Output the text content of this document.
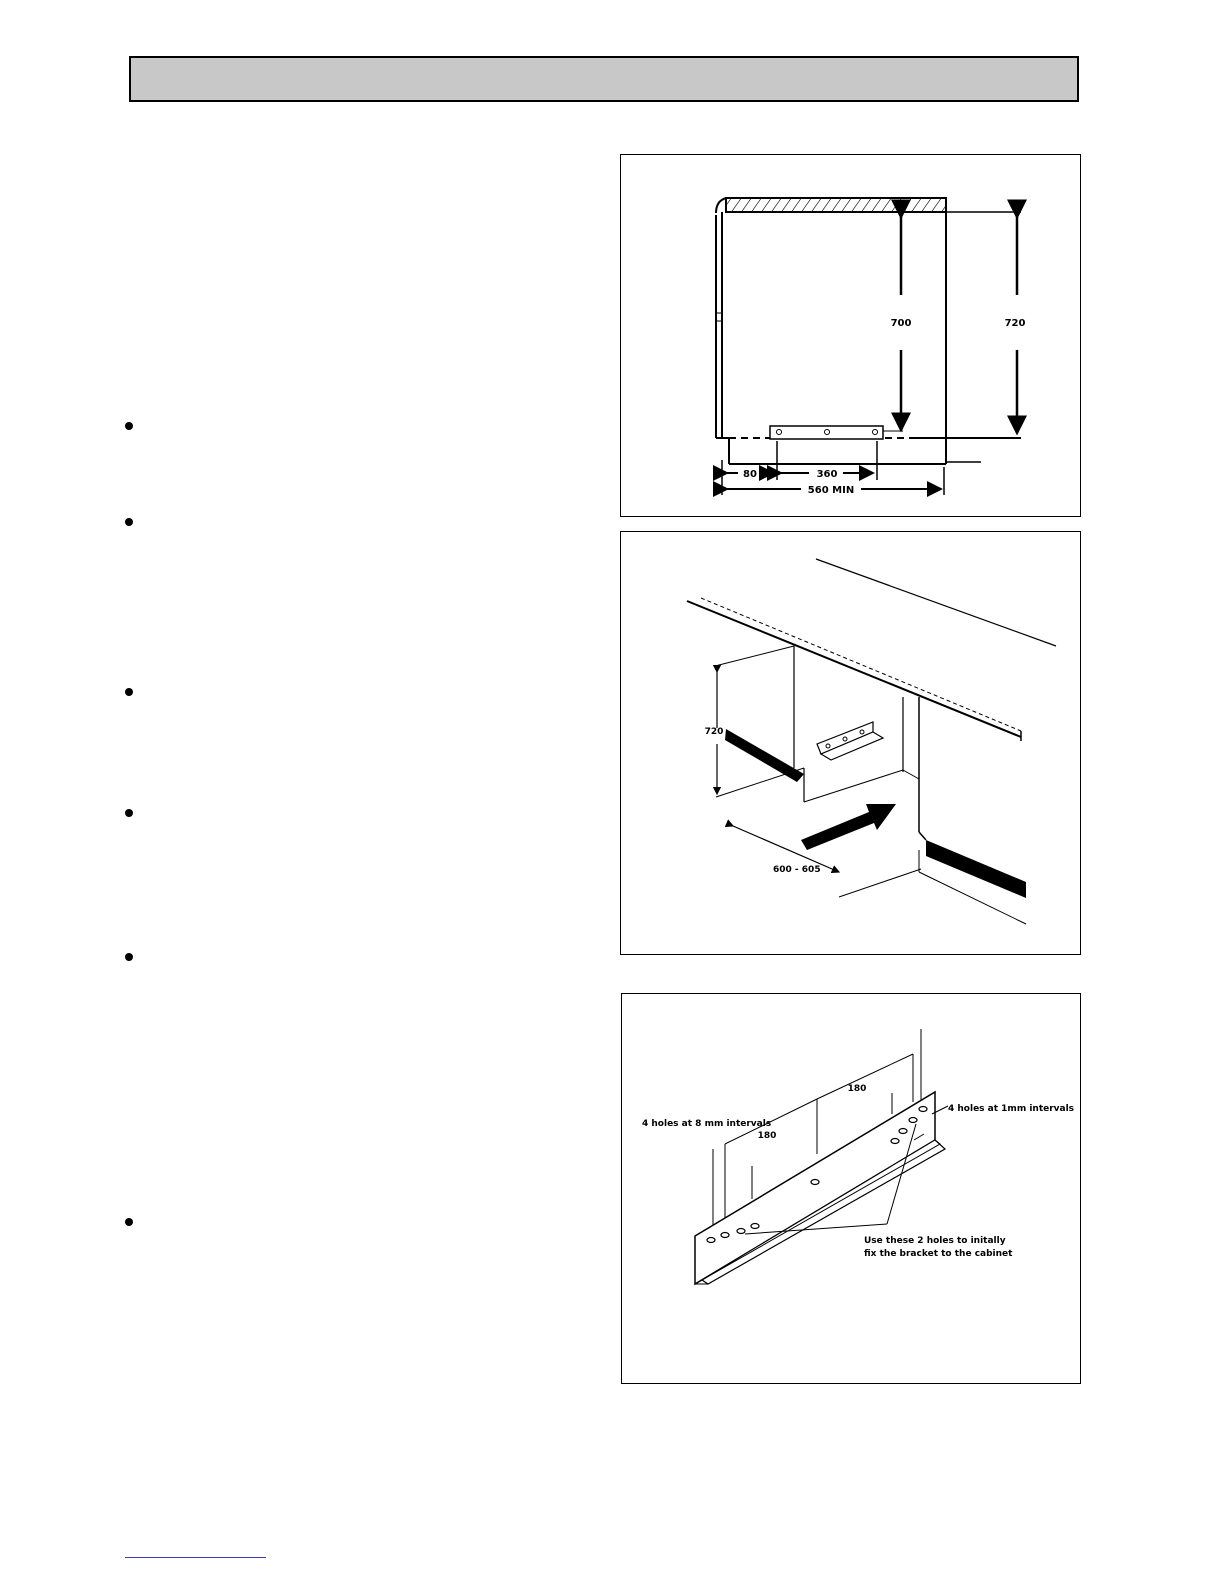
700	720
80	360
560 MIN
720
600 - 605
180
180
4 holes at 8 mm intervals
4 holes at 1mm intervals
Use these 2 holes to initally
fix the bracket to the cabinet
